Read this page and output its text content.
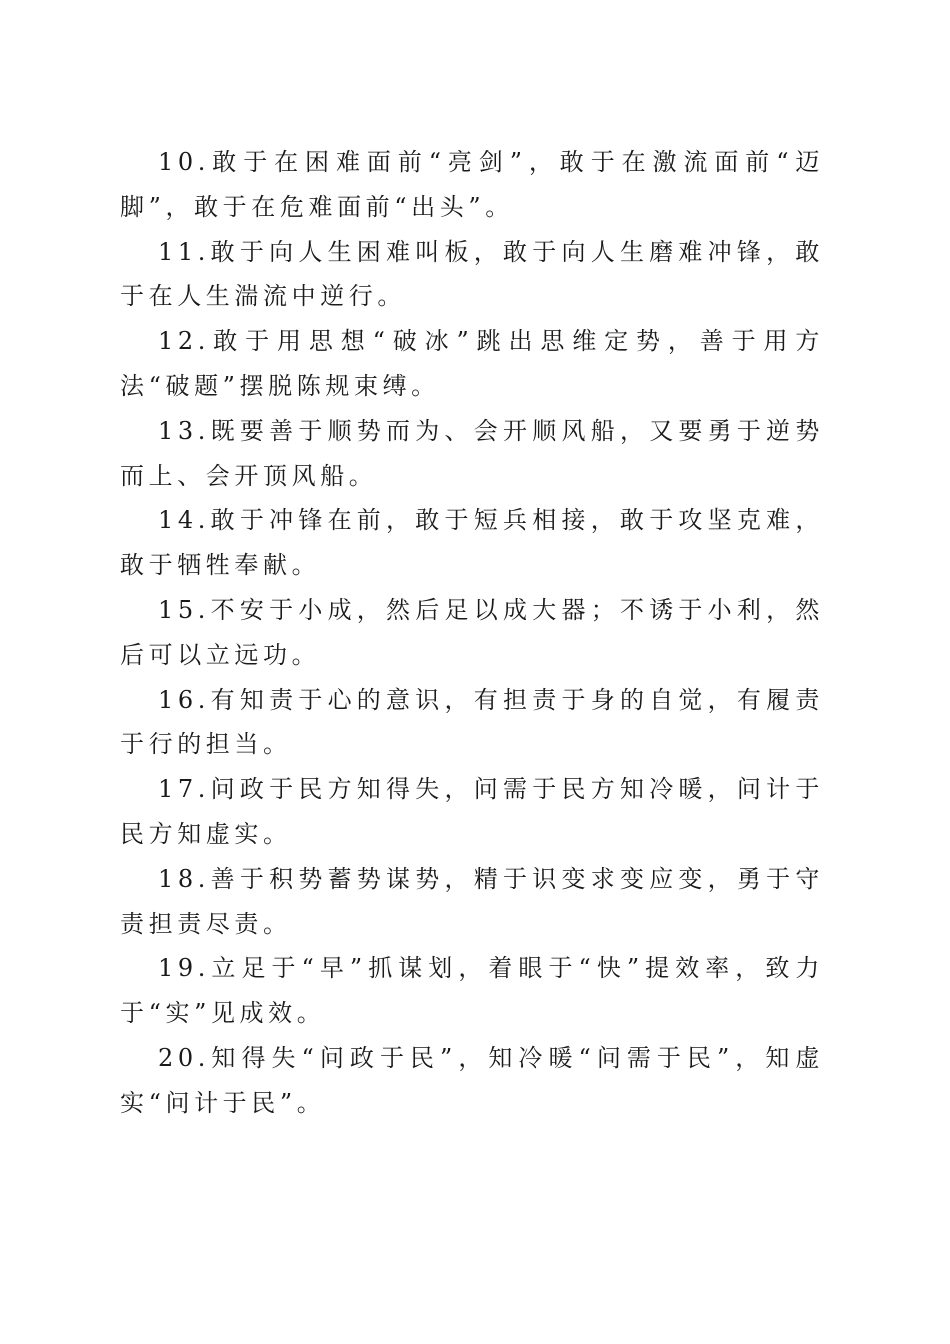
10.敢于在困难面前“亮剑”，敢于在激流面前“迈脚”，敢于在危难面前“出头”。

11.敢于向人生困难叫板，敢于向人生磨难冲锋，敢于在人生湍流中逆行。

12.敢于用思想“破冰”跳出思维定势，善于用方法“破题”摆脱陈规束缚。

13.既要善于顺势而为、会开顺风船，又要勇于逆势而上、会开顶风船。

14.敢于冲锋在前，敢于短兵相接，敢于攻坚克难，敢于牺牲奉献。

15.不安于小成，然后足以成大器；不诱于小利，然后可以立远功。

16.有知责于心的意识，有担责于身的自觉，有履责于行的担当。

17.问政于民方知得失，问需于民方知冷暖，问计于民方知虚实。

18.善于积势蓄势谋势，精于识变求变应变，勇于守责担责尽责。

19.立足于“早”抓谋划，着眼于“快”提效率，致力于“实”见成效。

20.知得失“问政于民”，知冷暖“问需于民”，知虚实“问计于民”。
